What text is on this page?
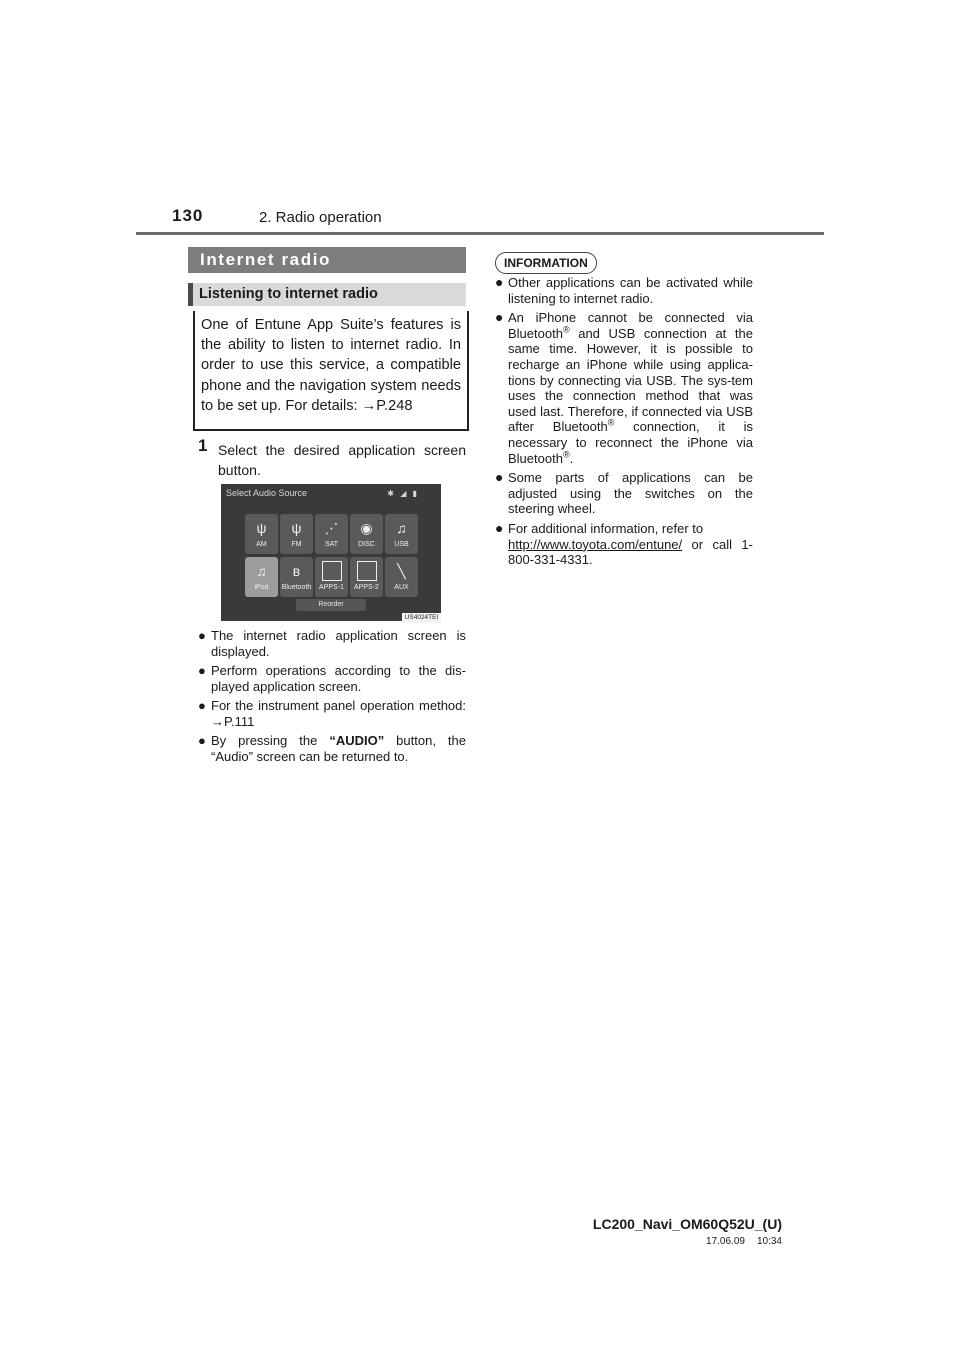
130	2. Radio operation
Internet radio
Listening to internet radio
One of Entune App Suite’s features is the ability to listen to internet radio. In order to use this service, a compatible phone and the navigation system needs to be set up. For details: →P.248
1 Select the desired application screen button.
Select Audio Source	✱ ◢ ▮
ψ
AM
ψ
FM
⋰
SAT
◉
DISC
♫
USB
♫
iPod
ʙ
Bluetooth	APPS-1	APPS-2
╲
AUX
Reorder
US4024TEI
● The internet radio application screen is displayed.
● Perform operations according to the dis-played application screen.
● For the instrument panel operation method: →P.111
● By pressing the “AUDIO” button, the “Audio” screen can be returned to.
INFORMATION
● Other applications can be activated while listening to internet radio.
● An iPhone cannot be connected via Bluetooth® and USB connection at the same time. However, it is possible to recharge an iPhone while using applica-tions by connecting via USB. The sys-tem uses the connection method that was used last. Therefore, if connected via USB after Bluetooth® connection, it is necessary to reconnect the iPhone via Bluetooth®.
● Some parts of applications can be adjusted using the switches on the steering wheel.
● For additional information, refer to
http://www.toyota.com/entune/ or call 1-800-331-4331.
LC200_Navi_OM60Q52U_(U)
17.06.09 10:34
